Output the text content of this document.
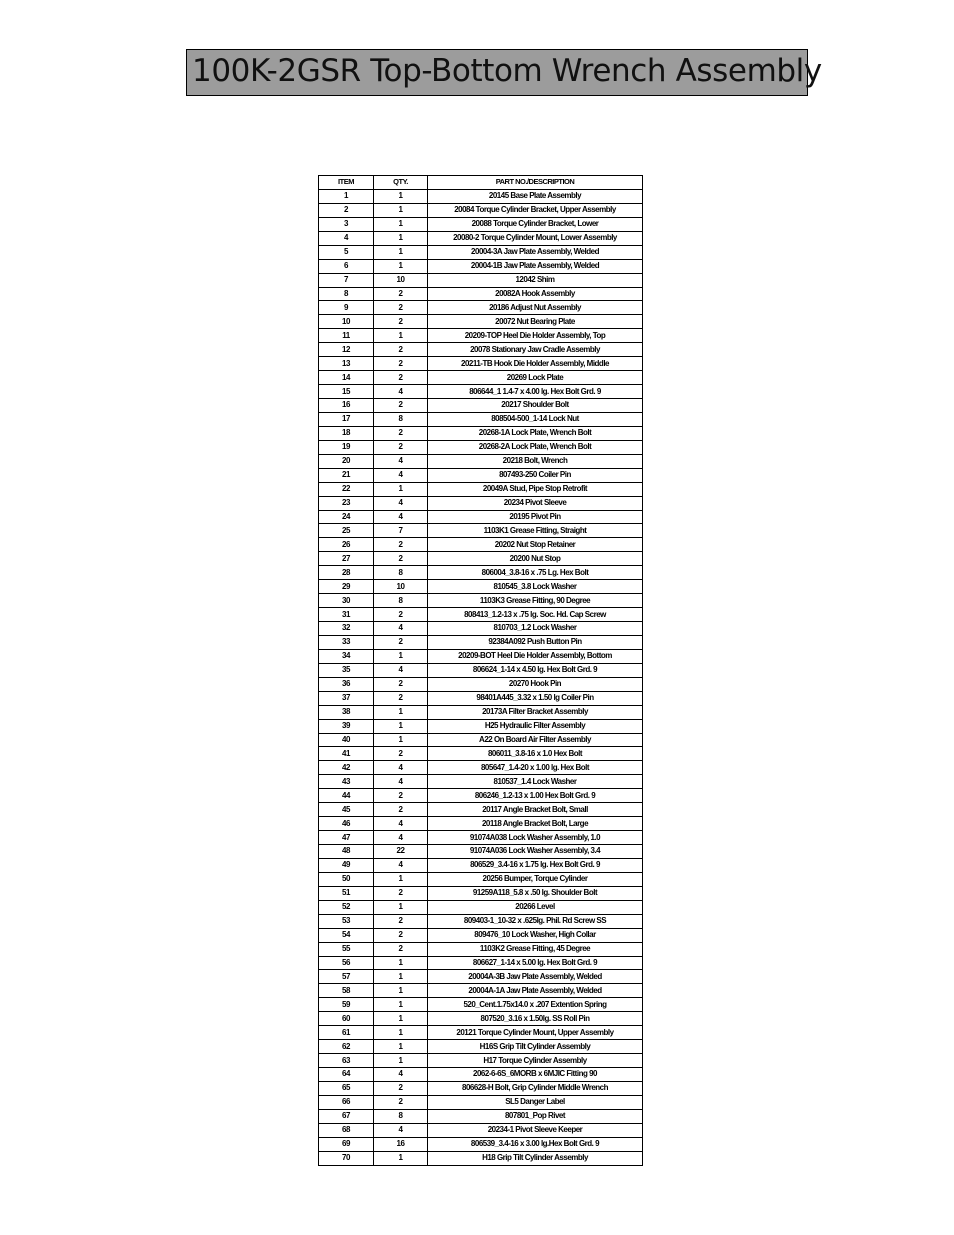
100K-2GSR Top-Bottom Wrench Assembly
ITEM	QTY.	PART NO./DESCRIPTION
1	1	20145 Base Plate Assembly
2	1	20084 Torque Cylinder Bracket, Upper Assembly
3	1	20088 Torque Cylinder Bracket, Lower
4	1	20080-2 Torque Cylinder Mount, Lower Assembly
5	1	20004-3A Jaw Plate Assembly, Welded
6	1	20004-1B Jaw Plate Assembly, Welded
7	10	12042 Shim
8	2	20082A Hook Assembly
9	2	20186 Adjust Nut Assembly
10	2	20072 Nut Bearing Plate
11	1	20209-TOP Heel Die Holder Assembly, Top
12	2	20078 Stationary Jaw Cradle Assembly
13	2	20211-TB Hook Die Holder Assembly, Middle
14	2	20269 Lock Plate
15	4	806644_1 1.4-7 x 4.00 lg. Hex Bolt Grd. 9
16	2	20217 Shoulder Bolt
17	8	808504-500_1-14 Lock Nut
18	2	20268-1A Lock Plate, Wrench Bolt
19	2	20268-2A Lock Plate, Wrench Bolt
20	4	20218 Bolt, Wrench
21	4	807493-250 Coiler Pin
22	1	20049A Stud, Pipe Stop Retrofit
23	4	20234 Pivot Sleeve
24	4	20195 Pivot Pin
25	7	1103K1 Grease Fitting, Straight
26	2	20202 Nut Stop Retainer
27	2	20200 Nut Stop
28	8	806004_3.8-16 x .75 Lg. Hex Bolt
29	10	810545_3.8 Lock Washer
30	8	1103K3 Grease Fitting, 90 Degree
31	2	808413_1.2-13 x .75 lg. Soc. Hd. Cap Screw
32	4	810703_1.2 Lock Washer
33	2	92384A092 Push Button Pin
34	1	20209-BOT Heel Die Holder Assembly, Bottom
35	4	806624_1-14 x 4.50 lg. Hex Bolt Grd. 9
36	2	20270 Hook Pin
37	2	98401A445_3.32 x 1.50 lg Coiler Pin
38	1	20173A Filter Bracket Assembly
39	1	H25 Hydraulic Filter Assembly
40	1	A22 On Board Air Filter Assembly
41	2	806011_3.8-16 x 1.0 Hex Bolt
42	4	805647_1.4-20 x 1.00 lg. Hex Bolt
43	4	810537_1.4 Lock Washer
44	2	806246_1.2-13 x 1.00 Hex Bolt Grd. 9
45	2	20117 Angle Bracket Bolt, Small
46	4	20118 Angle Bracket Bolt, Large
47	4	91074A038 Lock Washer Assembly, 1.0
48	22	91074A036 Lock Washer Assembly, 3.4
49	4	806529_3.4-16 x 1.75 lg. Hex Bolt Grd. 9
50	1	20256 Bumper, Torque Cylinder
51	2	91259A118_5.8 x .50 lg. Shoulder Bolt
52	1	20266 Level
53	2	809403-1_10-32 x .625lg. Phil. Rd Screw SS
54	2	809476_10 Lock Washer, High Collar
55	2	1103K2 Grease Fitting, 45 Degree
56	1	806627_1-14 x 5.00 lg. Hex Bolt Grd. 9
57	1	20004A-3B Jaw Plate Assembly, Welded
58	1	20004A-1A Jaw Plate Assembly, Welded
59	1	520_Cent.1.75x14.0 x .207 Extention Spring
60	1	807520_3.16 x 1.50lg. SS Roll Pin
61	1	20121 Torque Cylinder Mount, Upper Assembly
62	1	H16S Grip Tilt Cylinder Assembly
63	1	H17 Torque Cylinder Assembly
64	4	2062-6-6S_6MORB x 6MJIC Fitting 90
65	2	806628-H Bolt, Grip Cylinder Middle Wrench
66	2	SL5 Danger Label
67	8	807801_Pop Rivet
68	4	20234-1 Pivot Sleeve Keeper
69	16	806539_3.4-16 x 3.00 lg.Hex Bolt Grd. 9
70	1	H18 Grip Tilt Cylinder Assembly
